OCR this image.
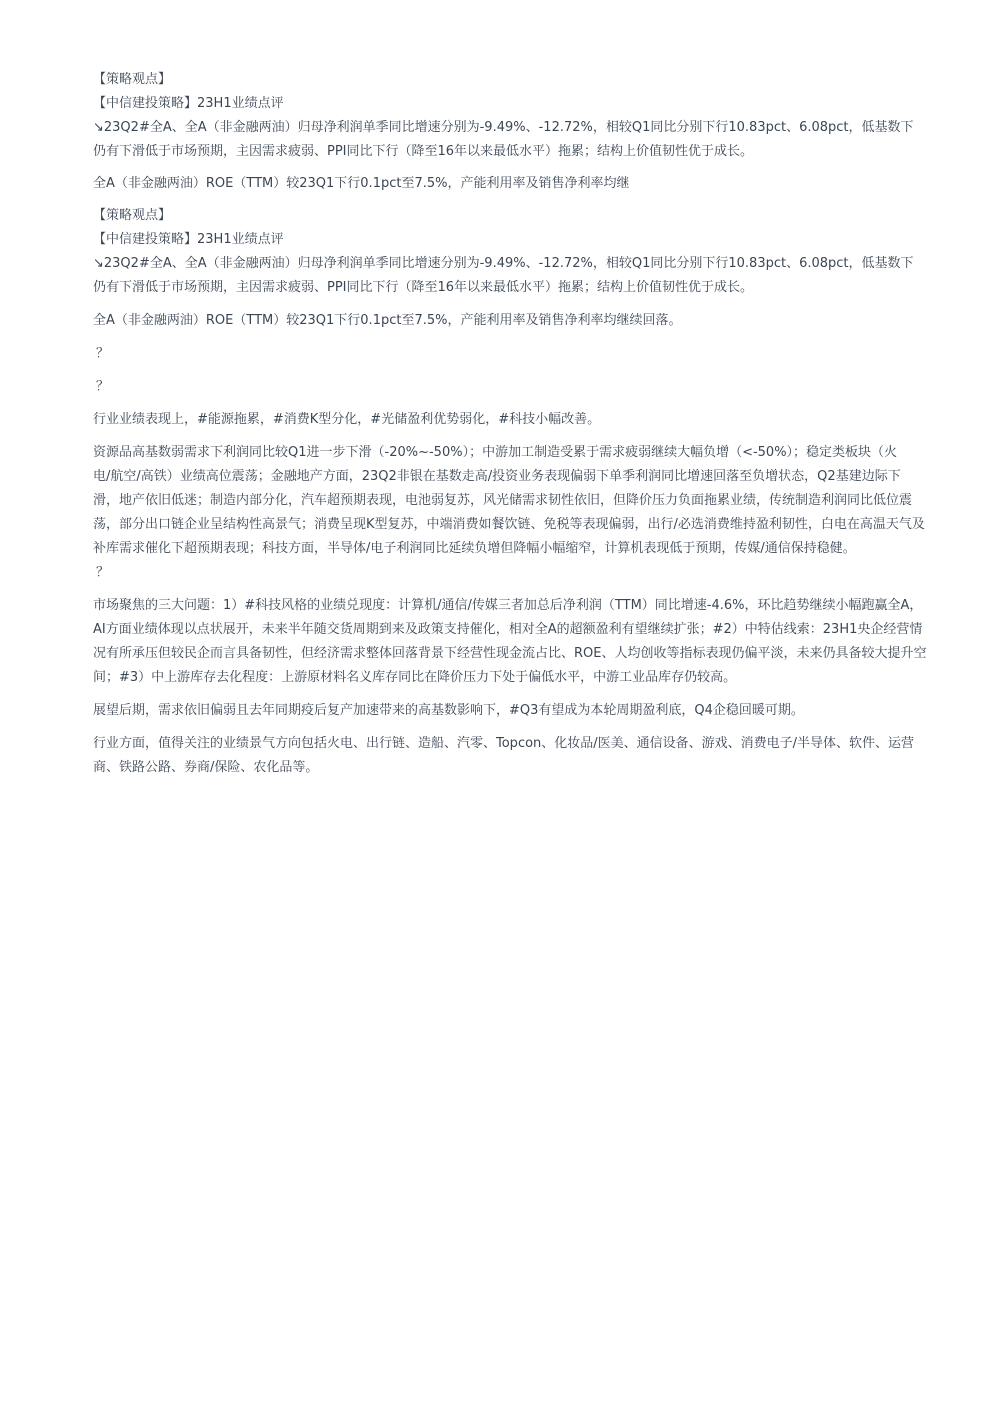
【策略观点】

【中信建投策略】23H1业绩点评

↘23Q2#全A、全A（非金融两油）归母净利润单季同比增速分别为-9.49%、-12.72%，相较Q1同比分别下行10.83pct、6.08pct，低基数下

仍有下滑低于市场预期，主因需求疲弱、PPI同比下行（降至16年以来最低水平）拖累；结构上价值韧性优于成长。

全A（非金融两油）ROE（TTM）较23Q1下行0.1pct至7.5%，产能利用率及销售净利率均继

【策略观点】

【中信建投策略】23H1业绩点评

↘23Q2#全A、全A（非金融两油）归母净利润单季同比增速分别为-9.49%、-12.72%，相较Q1同比分别下行10.83pct、6.08pct，低基数下

仍有下滑低于市场预期，主因需求疲弱、PPI同比下行（降至16年以来最低水平）拖累；结构上价值韧性优于成长。

全A（非金融两油）ROE（TTM）较23Q1下行0.1pct至7.5%，产能利用率及销售净利率均继续回落。

？

？

行业业绩表现上，#能源拖累，#消费K型分化，#光储盈利优势弱化，#科技小幅改善。

资源品高基数弱需求下利润同比较Q1进一步下滑（-20%~-50%）；中游加工制造受累于需求疲弱继续大幅负增（<-50%）；稳定类板块（火

电/航空/高铁）业绩高位震荡；金融地产方面，23Q2非银在基数走高/投资业务表现偏弱下单季利润同比增速回落至负增状态，Q2基建边际下

滑，地产依旧低迷；制造内部分化，汽车超预期表现，电池弱复苏，风光储需求韧性依旧，但降价压力负面拖累业绩，传统制造利润同比低位震

荡，部分出口链企业呈结构性高景气；消费呈现K型复苏，中端消费如餐饮链、免税等表现偏弱，出行/必选消费维持盈利韧性，白电在高温天气及

补库需求催化下超预期表现；科技方面，半导体/电子利润同比延续负增但降幅小幅缩窄，计算机表现低于预期，传媒/通信保持稳健。

？

市场聚焦的三大问题：1）#科技风格的业绩兑现度：计算机/通信/传媒三者加总后净利润（TTM）同比增速-4.6%，环比趋势继续小幅跑赢全A，

AI方面业绩体现以点状展开，未来半年随交货周期到来及政策支持催化，相对全A的超额盈利有望继续扩张；#2）中特估线索：23H1央企经营情

况有所承压但较民企而言具备韧性，但经济需求整体回落背景下经营性现金流占比、ROE、人均创收等指标表现仍偏平淡，未来仍具备较大提升空

间；#3）中上游库存去化程度：上游原材料名义库存同比在降价压力下处于偏低水平，中游工业品库存仍较高。

展望后期，需求依旧偏弱且去年同期疫后复产加速带来的高基数影响下，#Q3有望成为本轮周期盈利底，Q4企稳回暖可期。

行业方面，值得关注的业绩景气方向包括火电、出行链、造船、汽零、Topcon、化妆品/医美、通信设备、游戏、消费电子/半导体、软件、运营

商、铁路公路、券商/保险、农化品等。
